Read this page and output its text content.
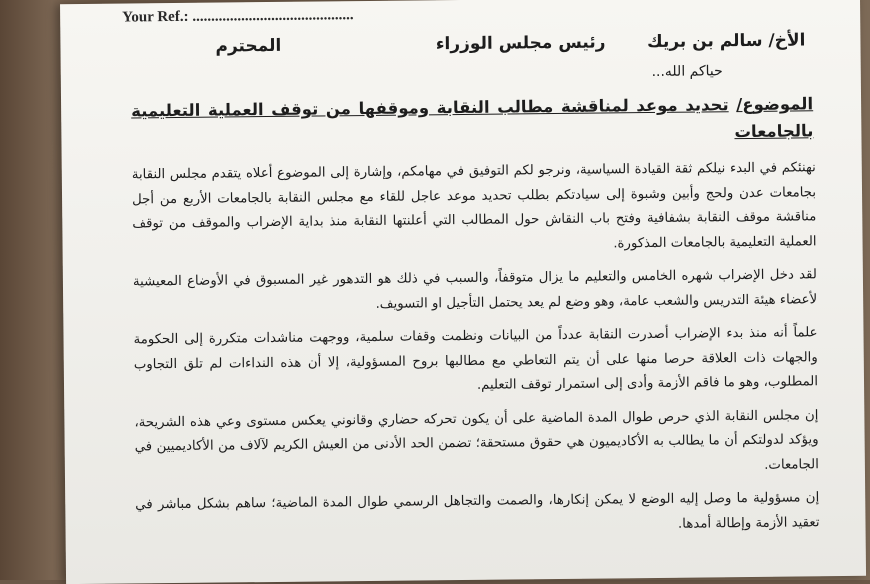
Your Ref.: ...........................................
الأخ/ سالم بن بريك
رئيس مجلس الوزراء
المحترم
حياكم الله...
الموضوع/ تحديد موعد لمناقشة مطالب النقابة وموقفها من توقف العملية التعليمية بالجامعات

نهنئكم في البدء نيلكم ثقة القيادة السياسية، ونرجو لكم التوفيق في مهامكم، وإشارة إلى الموضوع أعلاه يتقدم مجلس النقابة بجامعات عدن ولحج وأبين وشبوة إلى سيادتكم بطلب تحديد موعد عاجل للقاء مع مجلس النقابة بالجامعات الأربع من أجل مناقشة موقف النقابة بشفافية وفتح باب النقاش حول المطالب التي أعلنتها النقابة منذ بداية الإضراب والموقف من توقف العملية التعليمية بالجامعات المذكورة.

لقد دخل الإضراب شهره الخامس والتعليم ما يزال متوقفاً، والسبب في ذلك هو التدهور غير المسبوق في الأوضاع المعيشية لأعضاء هيئة التدريس والشعب عامة، وهو وضع لم يعد يحتمل التأجيل او التسويف.

علماً أنه منذ بدء الإضراب أصدرت النقابة عدداً من البيانات ونظمت وقفات سلمية، ووجهت مناشدات متكررة إلى الحكومة والجهات ذات العلاقة حرصا منها على أن يتم التعاطي مع مطالبها بروح المسؤولية، إلا أن هذه النداءات لم تلق التجاوب المطلوب، وهو ما فاقم الأزمة وأدى إلى استمرار توقف التعليم.

إن مجلس النقابة الذي حرص طوال المدة الماضية على أن يكون تحركه حضاري وقانوني يعكس مستوى وعي هذه الشريحة، ويؤكد لدولتكم أن ما يطالب به الأكاديميون هي حقوق مستحقة؛ تضمن الحد الأدنى من العيش الكريم لآلاف من الأكاديميين في الجامعات.

إن مسؤولية ما وصل إليه الوضع لا يمكن إنكارها، والصمت والتجاهل الرسمي طوال المدة الماضية؛ ساهم بشكل مباشر في تعقيد الأزمة وإطالة أمدها.
